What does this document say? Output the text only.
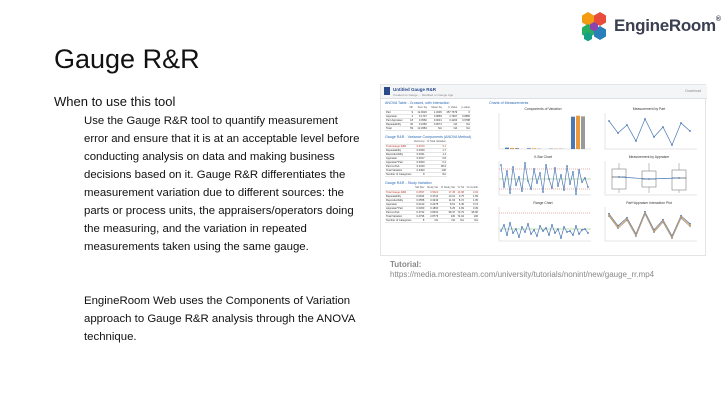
Gauge R&R
EngineRoom®
When to use this tool
Use the Gauge R&R tool to quantify measurement error and ensure that it is at an acceptable level before conducting analysis on data and making business decisions based on it. Gauge R&R differentiates the measurement variation due to different sources: the parts or process units, the appraisers/operators doing the measuring, and the variation in repeated measurements taken using the same gauge.
EngineRoom Web uses the Components of Variation approach to Gauge R&R analysis through the ANOVA technique.
Tutorial:
https://media.moresteam.com/university/tutorials/nonint/new/gauge_rr.mp4
Untitled Gauge R&R
Created on Gauge ... Modified on Gauge Age
Download
ANOVA Table - Crossed, with Interaction
	DF	Sum Sq	Mean Sq	F Value	p-value
Part	9	12.0026	1.3336	357.7679	0
Appraiser	2	0.1737	0.0869	2.7907	0.0882
Part:Appraiser	18	0.0560	0.0031	0.4203	0.9788
Repeatability	30	0.2250	0.0074	NA	NA
Total	59	12.4584	NA	NA	NA
Gauge R&R - Variance Components (ANOVA Method)
	VarComp	% Total Variation
Total Gauge R&R	0.0070	3.1
Repeatability	0.0039	1.7
Reproducibility	0.0031	1.4
Appraiser	0.0017	0.8
Appraiser*Part	0.0009	0.4
Part-to-Part	0.2230	96.9
Total Variation	0.2300	100
Number of Categories	8	NA
Gauge R&R - Study Variation
	Std Dev	Study Var	% Study Var	% Tol	% Contrib
Total Gauge R&R	0.0837	0.5022	17.45	13.08	3.04
Repeatability	0.0624	0.3744	13.01	9.75	1.69
Reproducibility	0.0558	0.3346	11.63	8.72	1.35
Appraiser	0.0413	0.2478	8.61	6.45	0.74
Appraiser*Part	0.0300	0.1800	6.25	4.69	0.39
Part-to-Part	0.4722	2.8332	98.47	73.79	96.96
Total Variation	0.4796	2.8776	100	74.94	100
Number of Categories	8	NA	NA	NA	NA
Charts of Measurements
Components of Variation	Measurement by Part
X-Bar Chart	Measurement by Appraiser
Range Chart	Part*Appraiser Interaction Plot
